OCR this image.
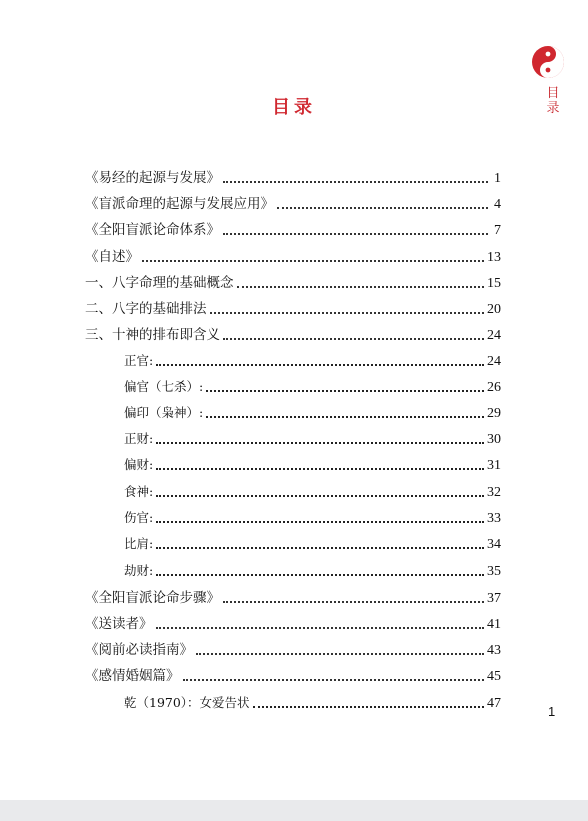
目
录
目录
《易经的起源与发展》	1
《盲派命理的起源与发展应用》	4
《全阳盲派论命体系》	7
《自述》	13
一、八字命理的基础概念	15
二、八字的基础排法	20
三、十神的排布即含义	24
正官:	24
偏官（七杀）:	26
偏印（枭神）:	29
正财:	30
偏财:	31
食神:	32
伤官:	33
比肩:	34
劫财:	35
《全阳盲派论命步骤》	37
《送读者》	41
《阅前必读指南》	43
《感情婚姻篇》	45
乾（1970）：女爱告状	47
1
